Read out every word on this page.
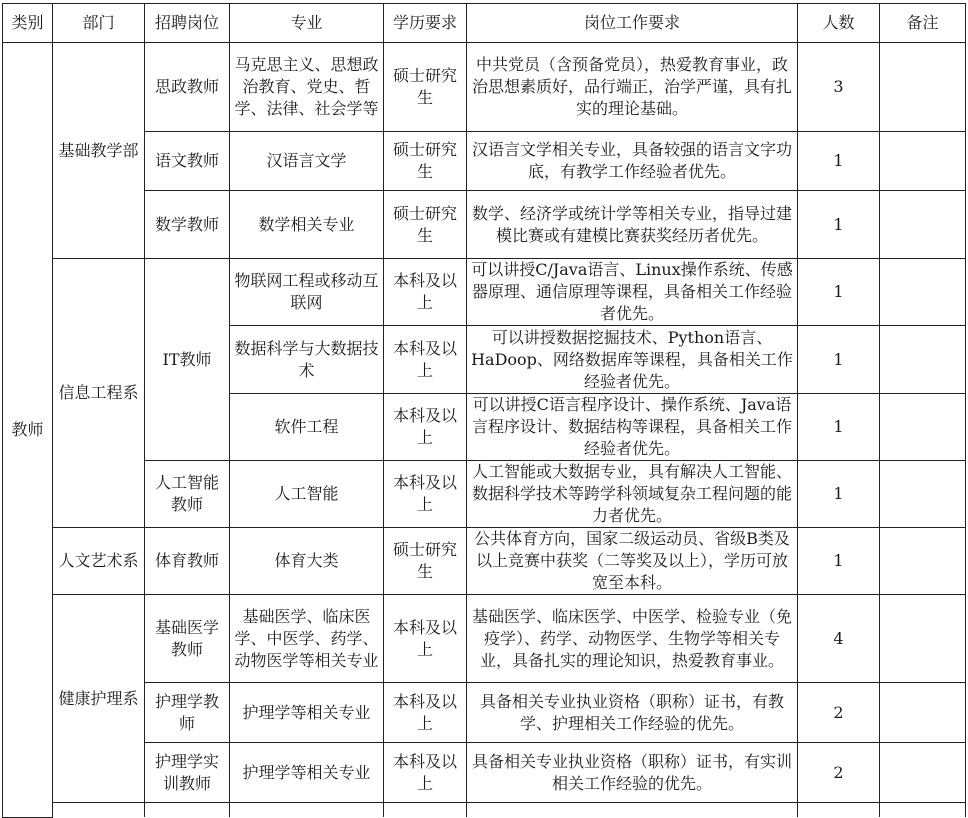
类别	部门	招聘岗位	专业	学历要求	岗位工作要求	人数	备注
教师	基础教学部	思政教师	马克思主义、思想政治教育、党史、哲学、法律、社会学等	硕士研究生	中共党员（含预备党员），热爱教育事业，政治思想素质好，品行端正，治学严谨，具有扎实的理论基础。	3	
		语文教师	汉语言文学	硕士研究生	汉语言文学相关专业，具备较强的语言文字功底，有教学工作经验者优先。	1	
		数学教师	数学相关专业	硕士研究生	数学、经济学或统计学等相关专业，指导过建模比赛或有建模比赛获奖经历者优先。	1	
	信息工程系	IT教师	物联网工程或移动互联网	本科及以上	可以讲授C/Java语言、Linux操作系统、传感器原理、通信原理等课程，具备相关工作经验者优先。	1	
			数据科学与大数据技术	本科及以上	可以讲授数据挖掘技术、Python语言、HaDoop、网络数据库等课程，具备相关工作经验者优先。	1	
			软件工程	本科及以上	可以讲授C语言程序设计、操作系统、Java语言程序设计、数据结构等课程，具备相关工作经验者优先。	1	
		人工智能教师	人工智能	本科及以上	人工智能或大数据专业，具有解决人工智能、数据科学技术等跨学科领域复杂工程问题的能力者优先。	1	
	人文艺术系	体育教师	体育大类	硕士研究生	公共体育方向，国家二级运动员、省级B类及以上竞赛中获奖（二等奖及以上），学历可放宽至本科。	1	
	健康护理系	基础医学教师	基础医学、临床医学、中医学、药学、动物医学等相关专业	本科及以上	基础医学、临床医学、中医学、检验专业（免疫学）、药学、动物医学、生物学等相关专业，具备扎实的理论知识，热爱教育事业。	4	
		护理学教师	护理学等相关专业	本科及以上	具备相关专业执业资格（职称）证书，有教学、护理相关工作经验的优先。	2	
		护理学实训教师	护理学等相关专业	本科及以上	具备相关专业执业资格（职称）证书，有实训相关工作经验的优先。	2	
